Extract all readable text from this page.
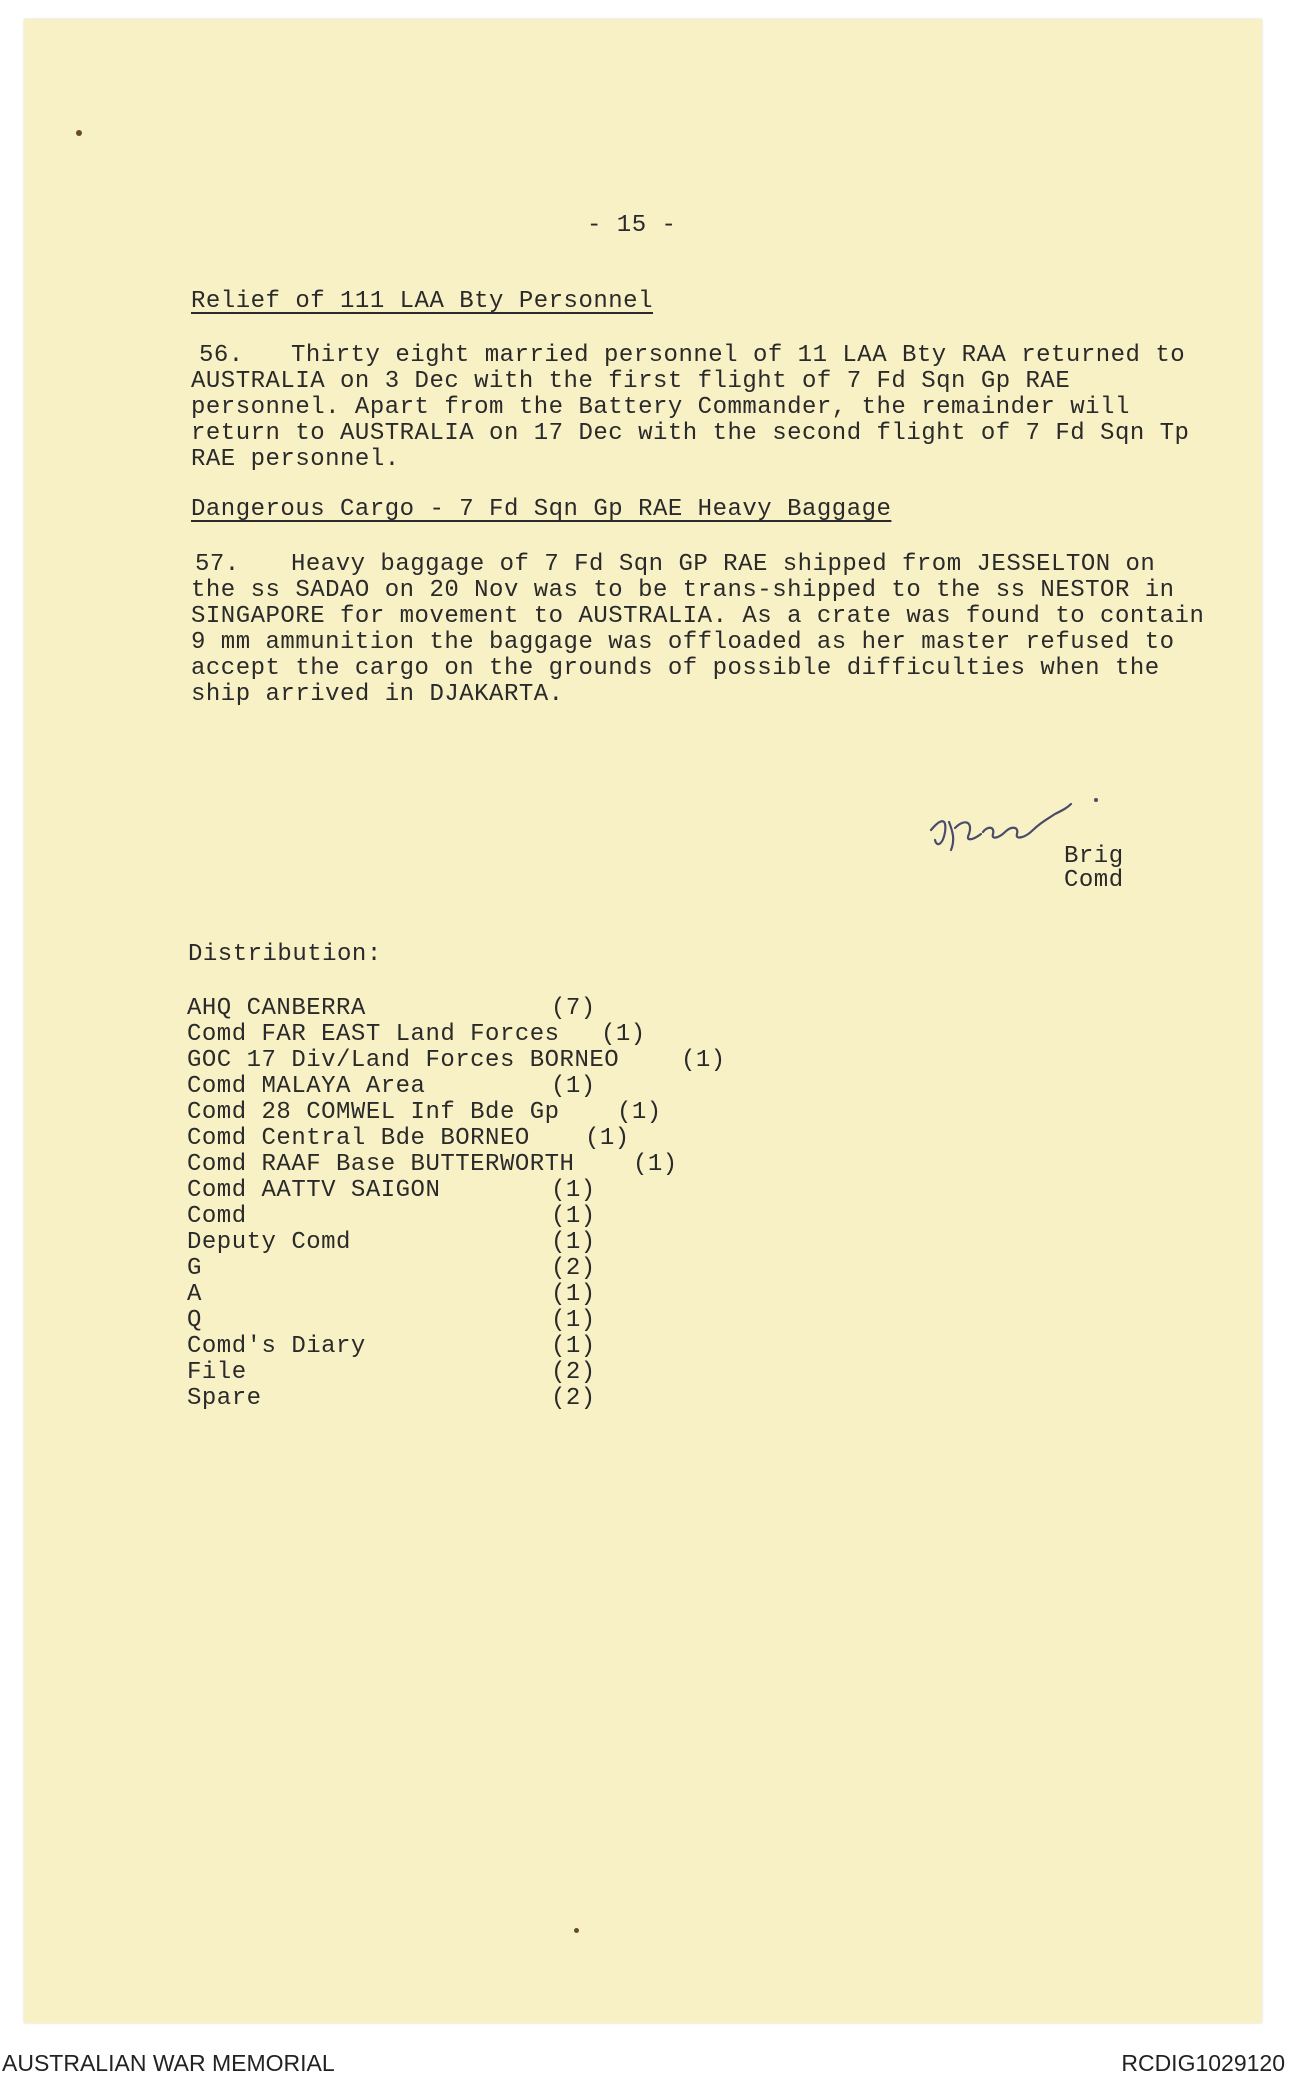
- 15 -
Relief of 111 LAA Bty Personnel
56. Thirty eight married personnel of 11 LAA Bty RAA returned to AUSTRALIA on 3 Dec with the first flight of 7 Fd Sqn Gp RAE personnel. Apart from the Battery Commander, the remainder will return to AUSTRALIA on 17 Dec with the second flight of 7 Fd Sqn Tp RAE personnel.
Dangerous Cargo - 7 Fd Sqn Gp RAE Heavy Baggage
57. Heavy baggage of 7 Fd Sqn GP RAE shipped from JESSELTON on the ss SADAO on 20 Nov was to be trans-shipped to the ss NESTOR in SINGAPORE for movement to AUSTRALIA. As a crate was found to contain 9 mm ammunition the baggage was offloaded as her master refused to accept the cargo on the grounds of possible difficulties when the ship arrived in DJAKARTA.
Brig
Comd
Distribution:
AHQ CANBERRA	(7)
Comd FAR EAST Land Forces (1)
GOC 17 Div/Land Forces BORNEO	(1)
Comd MALAYA Area	(1)
Comd 28 COMWEL Inf Bde Gp (1)
Comd Central Bde BORNEO (1)
Comd RAAF Base BUTTERWORTH (1)
Comd AATTV SAIGON	(1)
Comd	(1)
Deputy Comd	(1)
G	(2)
A	(1)
Q	(1)
Comd's Diary	(1)
File	(2)
Spare	(2)
AUSTRALIAN WAR MEMORIAL	RCDIG1029120
